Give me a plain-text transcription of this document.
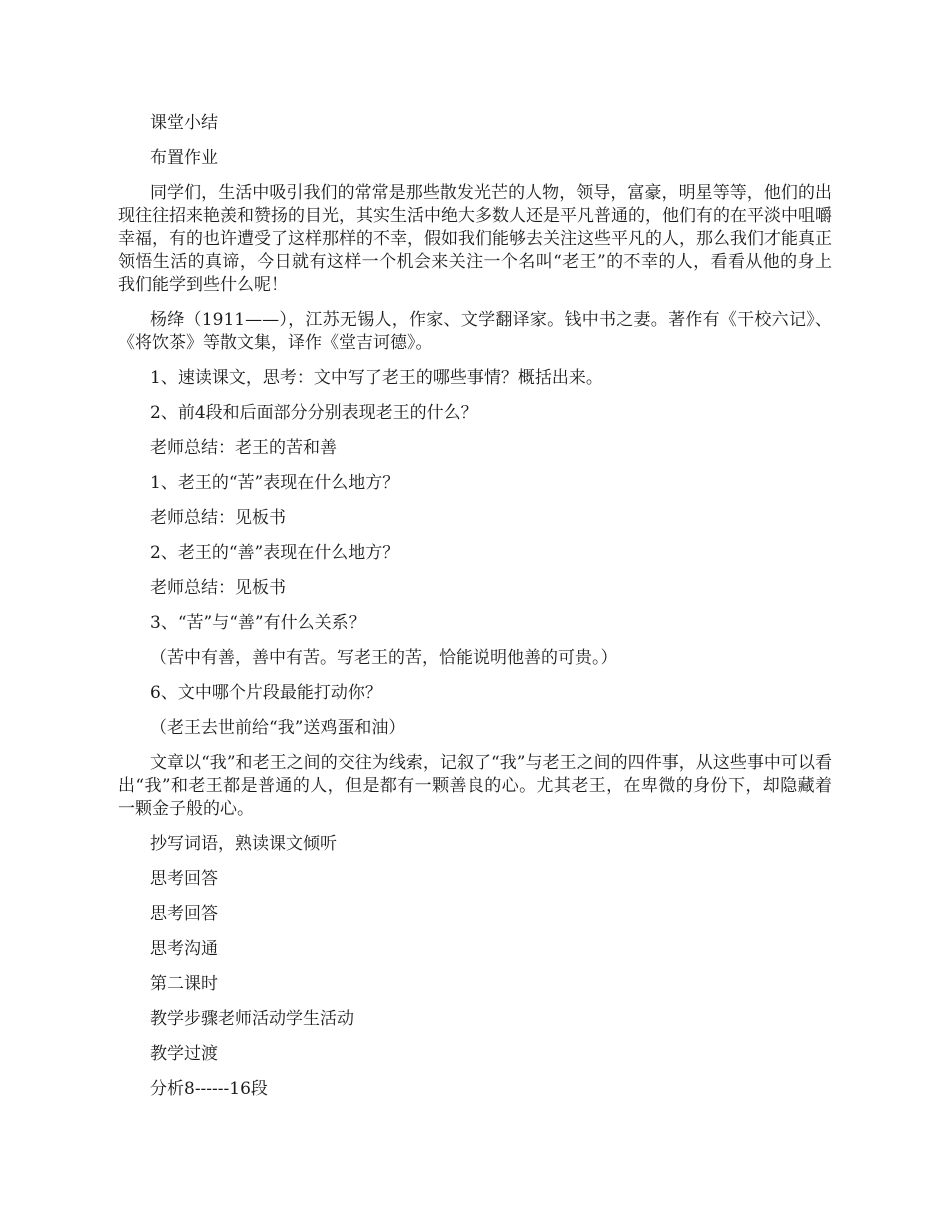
课堂小结

布置作业

同学们，生活中吸引我们的常常是那些散发光芒的人物，领导，富豪，明星等等，他们的出现往往招来艳羡和赞扬的目光，其实生活中绝大多数人还是平凡普通的，他们有的在平淡中咀嚼幸福，有的也许遭受了这样那样的不幸，假如我们能够去关注这些平凡的人，那么我们才能真正领悟生活的真谛，今日就有这样一个机会来关注一个名叫“老王”的不幸的人，看看从他的身上我们能学到些什么呢！

杨绛（1911——），江苏无锡人，作家、文学翻译家。钱中书之妻。著作有《干校六记》、《将饮茶》等散文集，译作《堂吉诃德》。

1、速读课文，思考：文中写了老王的哪些事情？概括出来。

2、前4段和后面部分分别表现老王的什么？

老师总结：老王的苦和善

1、老王的“苦”表现在什么地方？

老师总结：见板书

2、老王的“善”表现在什么地方？

老师总结：见板书

3、“苦”与“善”有什么关系？

（苦中有善，善中有苦。写老王的苦，恰能说明他善的可贵。）

6、文中哪个片段最能打动你？

（老王去世前给“我”送鸡蛋和油）

文章以“我”和老王之间的交往为线索，记叙了“我”与老王之间的四件事，从这些事中可以看出“我”和老王都是普通的人，但是都有一颗善良的心。尤其老王，在卑微的身份下，却隐藏着一颗金子般的心。

抄写词语，熟读课文倾听

思考回答

思考回答

思考沟通

第二课时

教学步骤老师活动学生活动

教学过渡

分析8------16段
